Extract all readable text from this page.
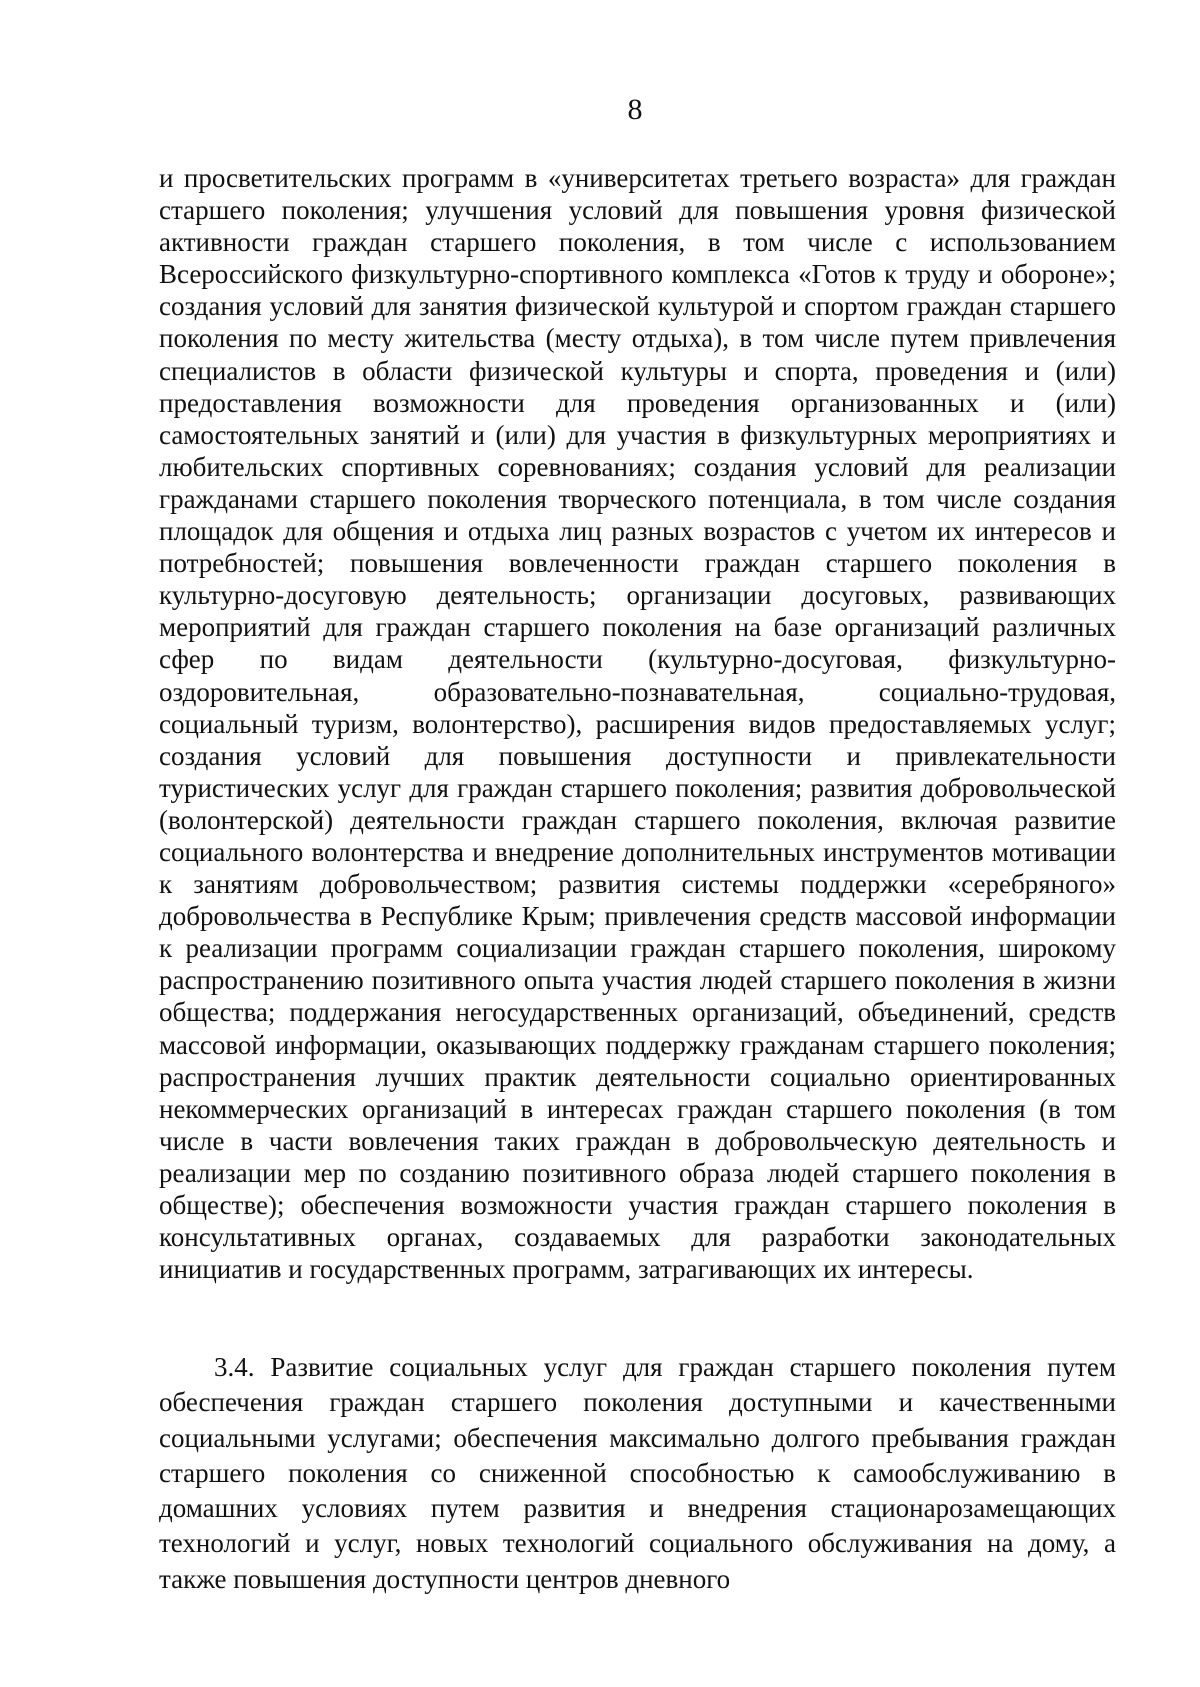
8

и просветительских программ в «университетах третьего возраста» для граждан старшего поколения; улучшения условий для повышения уровня физической активности граждан старшего поколения, в том числе с использованием Всероссийского физкультурно-спортивного комплекса «Готов к труду и обороне»; создания условий для занятия физической культурой и спортом граждан старшего поколения по месту жительства (месту отдыха), в том числе путем привлечения специалистов в области физической культуры и спорта, проведения и (или) предоставления возможности для проведения организованных и (или) самостоятельных занятий и (или) для участия в физкультурных мероприятиях и любительских спортивных соревнованиях; создания условий для реализации гражданами старшего поколения творческого потенциала, в том числе создания площадок для общения и отдыха лиц разных возрастов с учетом их интересов и потребностей; повышения вовлеченности граждан старшего поколения в культурно-досуговую деятельность; организации досуговых, развивающих мероприятий для граждан старшего поколения на базе организаций различных сфер по видам деятельности (культурно-досуговая, физкультурно-оздоровительная, образовательно-познавательная, социально-трудовая, социальный туризм, волонтерство), расширения видов предоставляемых услуг; создания условий для повышения доступности и привлекательности туристических услуг для граждан старшего поколения; развития добровольческой (волонтерской) деятельности граждан старшего поколения, включая развитие социального волонтерства и внедрение дополнительных инструментов мотивации к занятиям добровольчеством; развития системы поддержки «серебряного» добровольчества в Республике Крым; привлечения средств массовой информации к реализации программ социализации граждан старшего поколения, широкому распространению позитивного опыта участия людей старшего поколения в жизни общества; поддержания негосударственных организаций, объединений, средств массовой информации, оказывающих поддержку гражданам старшего поколения; распространения лучших практик деятельности социально ориентированных некоммерческих организаций в интересах граждан старшего поколения (в том числе в части вовлечения таких граждан в добровольческую деятельность и реализации мер по созданию позитивного образа людей старшего поколения в обществе); обеспечения возможности участия граждан старшего поколения в консультативных органах, создаваемых для разработки законодательных инициатив и государственных программ, затрагивающих их интересы.

3.4. Развитие социальных услуг для граждан старшего поколения путем обеспечения граждан старшего поколения доступными и качественными социальными услугами; обеспечения максимально долгого пребывания граждан старшего поколения со сниженной способностью к самообслуживанию в домашних условиях путем развития и внедрения стационарозамещающих технологий и услуг, новых технологий социального обслуживания на дому, а также повышения доступности центров дневного
